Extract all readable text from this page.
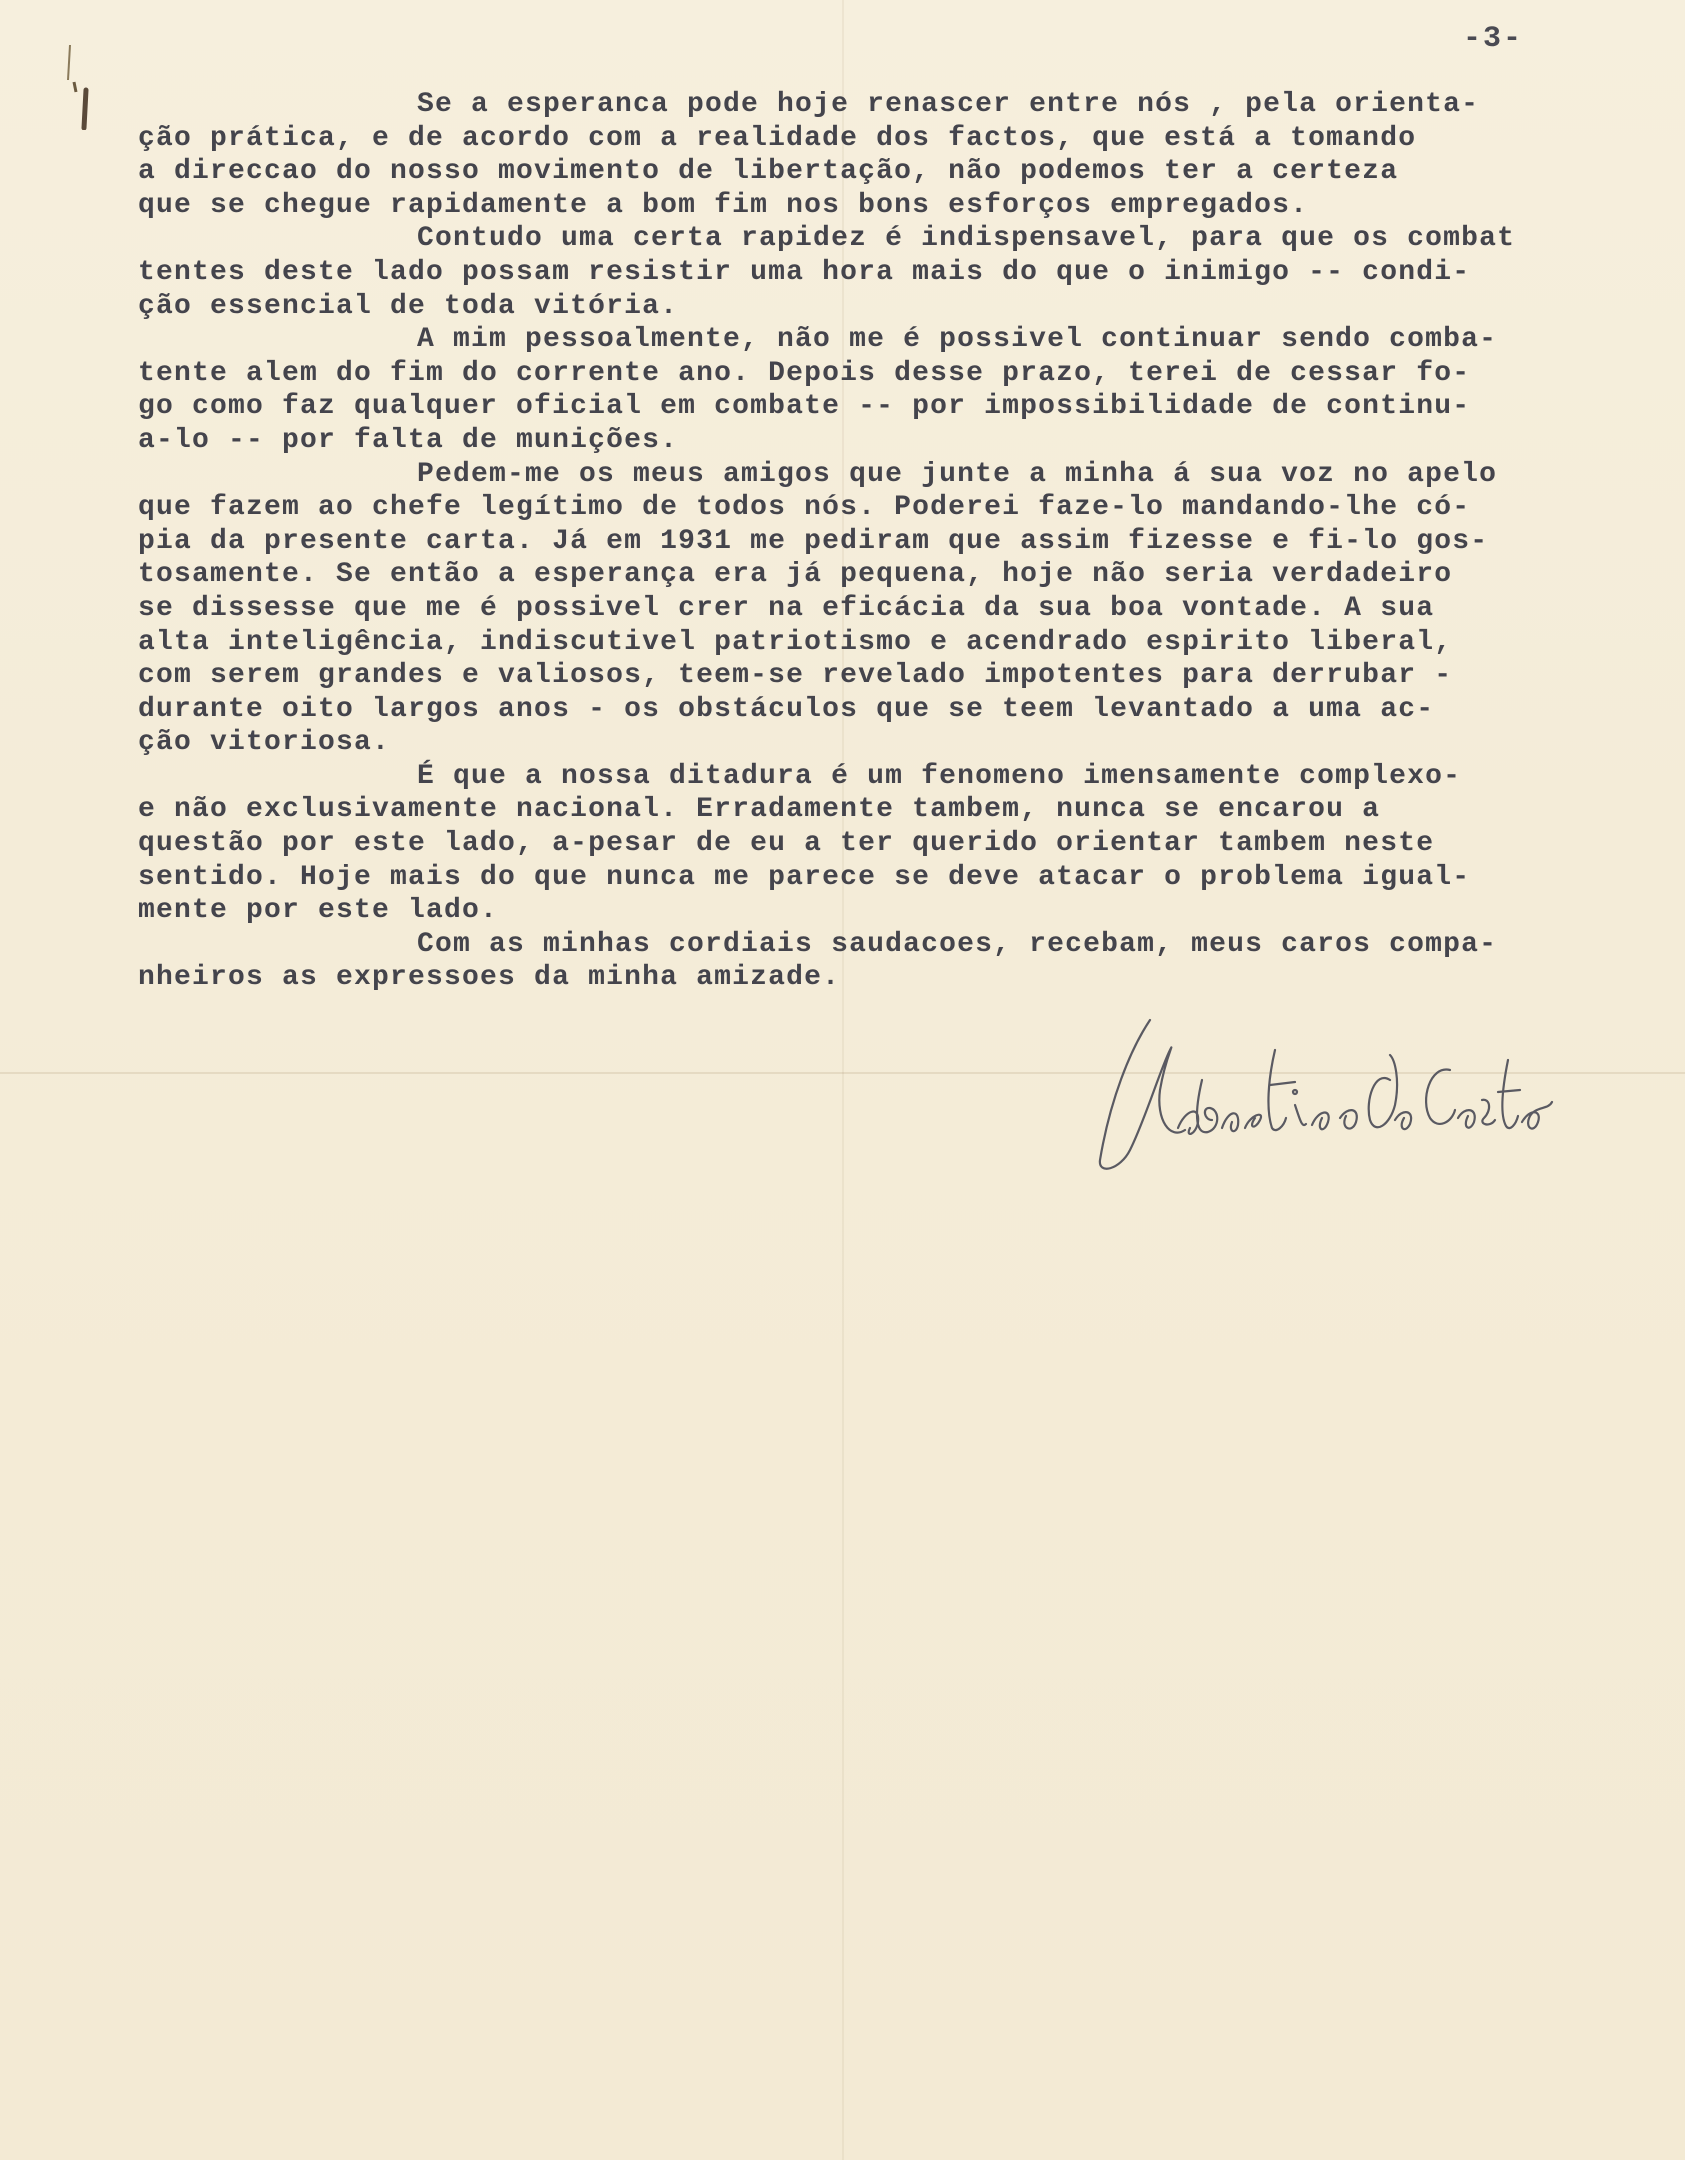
-3-
Se a esperanca pode hoje renascer entre nós , pela orienta-
ção prática, e de acordo com a realidade dos factos, que está a tomando
a direccao do nosso movimento de libertação, não podemos ter a certeza
que se chegue rapidamente a bom fim nos bons esforços empregados.
Contudo uma certa rapidez é indispensavel, para que os combat
tentes deste lado possam resistir uma hora mais do que o inimigo -- condi-
ção essencial de toda vitória.
A mim pessoalmente, não me é possivel continuar sendo comba-
tente alem do fim do corrente ano. Depois desse prazo, terei de cessar fo-
go como faz qualquer oficial em combate -- por impossibilidade de continu-
a-lo -- por falta de munições.
Pedem-me os meus amigos que junte a minha á sua voz no apelo
que fazem ao chefe legítimo de todos nós. Poderei faze-lo mandando-lhe có-
pia da presente carta. Já em 1931 me pediram que assim fizesse e fi-lo gos-
tosamente. Se então a esperança era já pequena, hoje não seria verdadeiro
se dissesse que me é possivel crer na eficácia da sua boa vontade. A sua
alta inteligência, indiscutivel patriotismo e acendrado espirito liberal,
com serem grandes e valiosos, teem-se revelado impotentes para derrubar -
durante oito largos anos - os obstáculos que se teem levantado a uma ac-
ção vitoriosa.
É que a nossa ditadura é um fenomeno imensamente complexo-
e não exclusivamente nacional. Erradamente tambem, nunca se encarou a
questão por este lado, a-pesar de eu a ter querido orientar tambem neste
sentido. Hoje mais do que nunca me parece se deve atacar o problema igual-
mente por este lado.
Com as minhas cordiais saudacoes, recebam, meus caros compa-
nheiros as expressoes da minha amizade.
